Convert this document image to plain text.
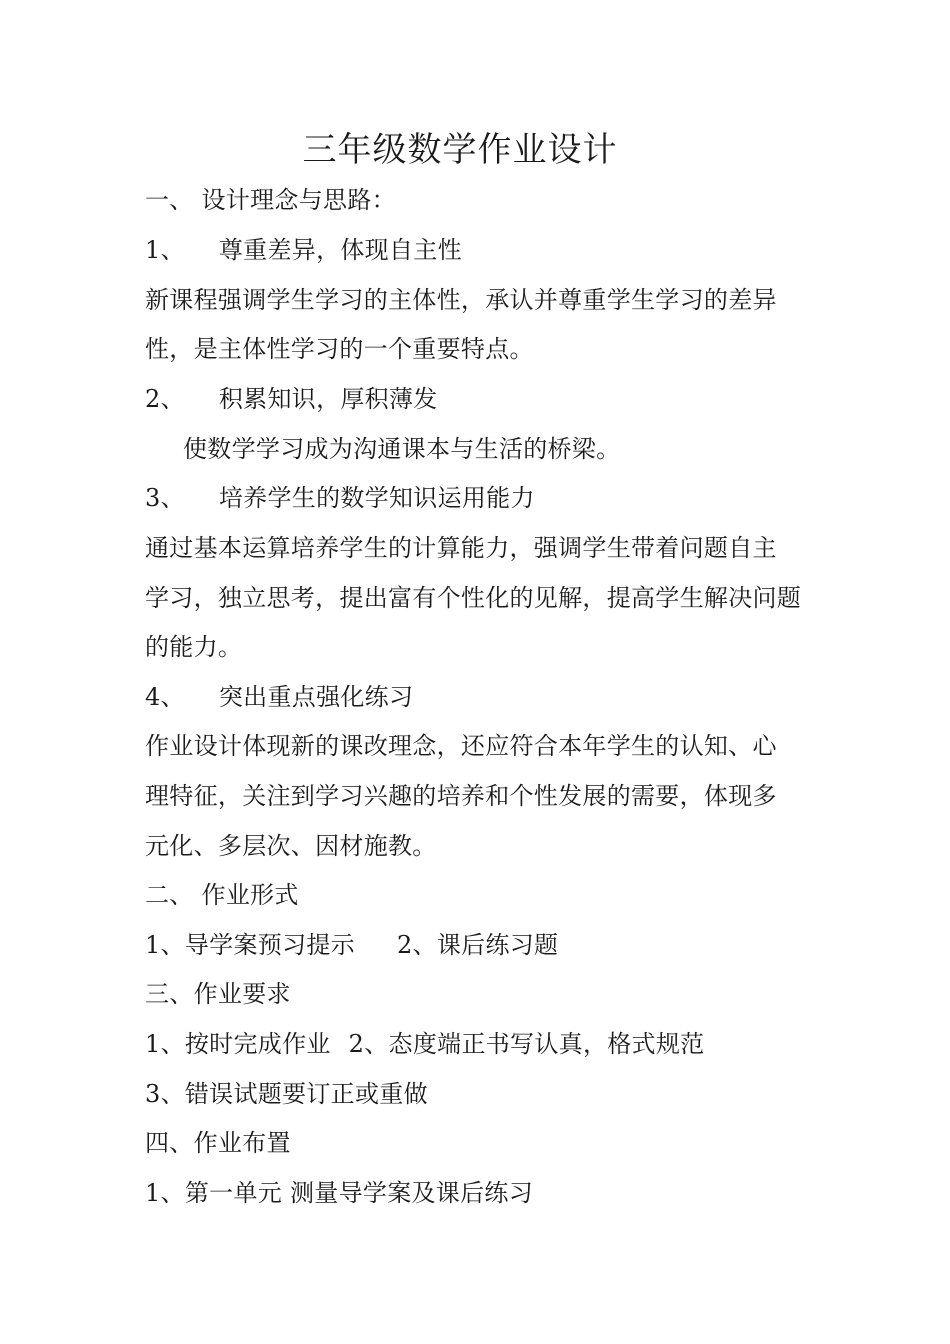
三年级数学作业设计
一、 设计理念与思路：
1、 尊重差异，体现自主性
新课程强调学生学习的主体性，承认并尊重学生学习的差异
性，是主体性学习的一个重要特点。
2、 积累知识，厚积薄发
使数学学习成为沟通课本与生活的桥梁。
3、 培养学生的数学知识运用能力
通过基本运算培养学生的计算能力，强调学生带着问题自主
学习，独立思考，提出富有个性化的见解，提高学生解决问题
的能力。
4、 突出重点强化练习
作业设计体现新的课改理念，还应符合本年学生的认知、心
理特征，关注到学习兴趣的培养和个性发展的需要，体现多
元化、多层次、因材施教。
二、 作业形式
1、导学案预习提示 2、课后练习题
三、作业要求
1、按时完成作业 2、态度端正书写认真，格式规范
3、错误试题要订正或重做
四、作业布置
1、第一单元 测量导学案及课后练习
